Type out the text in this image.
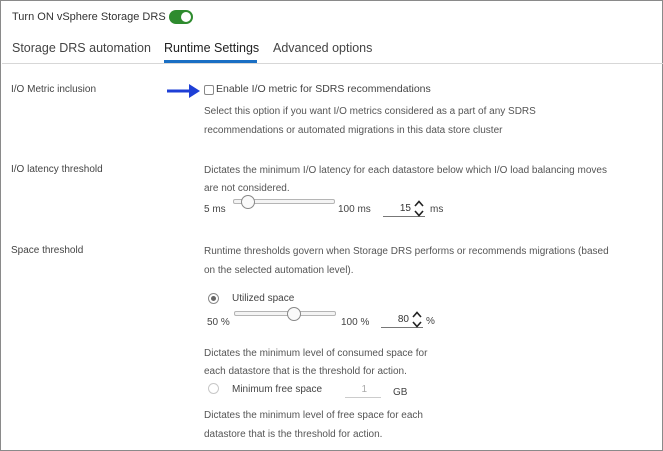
Turn ON vSphere Storage DRS
Storage DRS automation Runtime Settings Advanced options
I/O Metric inclusion	Enable I/O metric for SDRS recommendations
Select this option if you want I/O metrics considered as a part of any SDRS
recommendations or automated migrations in this data store cluster
I/O latency threshold	Dictates the minimum I/O latency for each datastore below which I/O load balancing moves
are not considered.
5 ms	100 ms
15	ms
Space threshold	Runtime thresholds govern when Storage DRS performs or recommends migrations (based
on the selected automation level).
Utilized space
50 %	100 %
80	%
Dictates the minimum level of consumed space for
each datastore that is the threshold for action.
Minimum free space
1	GB
Dictates the minimum level of free space for each
datastore that is the threshold for action.
